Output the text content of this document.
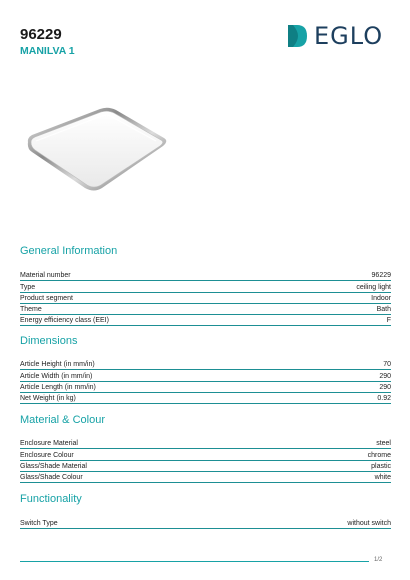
96229
MANILVA 1
EGLO
General Information
Material number	96229
Type	ceiling light
Product segment	Indoor
Theme	Bath
Energy efficiency class (EEI)	F
Dimensions
Article Height (in mm/in)	70
Article Width (in mm/in)	290
Article Length (in mm/in)	290
Net Weight (in kg)	0.92
Material & Colour
Enclosure Material	steel
Enclosure Colour	chrome
Glass/Shade Material	plastic
Glass/Shade Colour	white
Functionality
Switch Type	without switch
1/2
